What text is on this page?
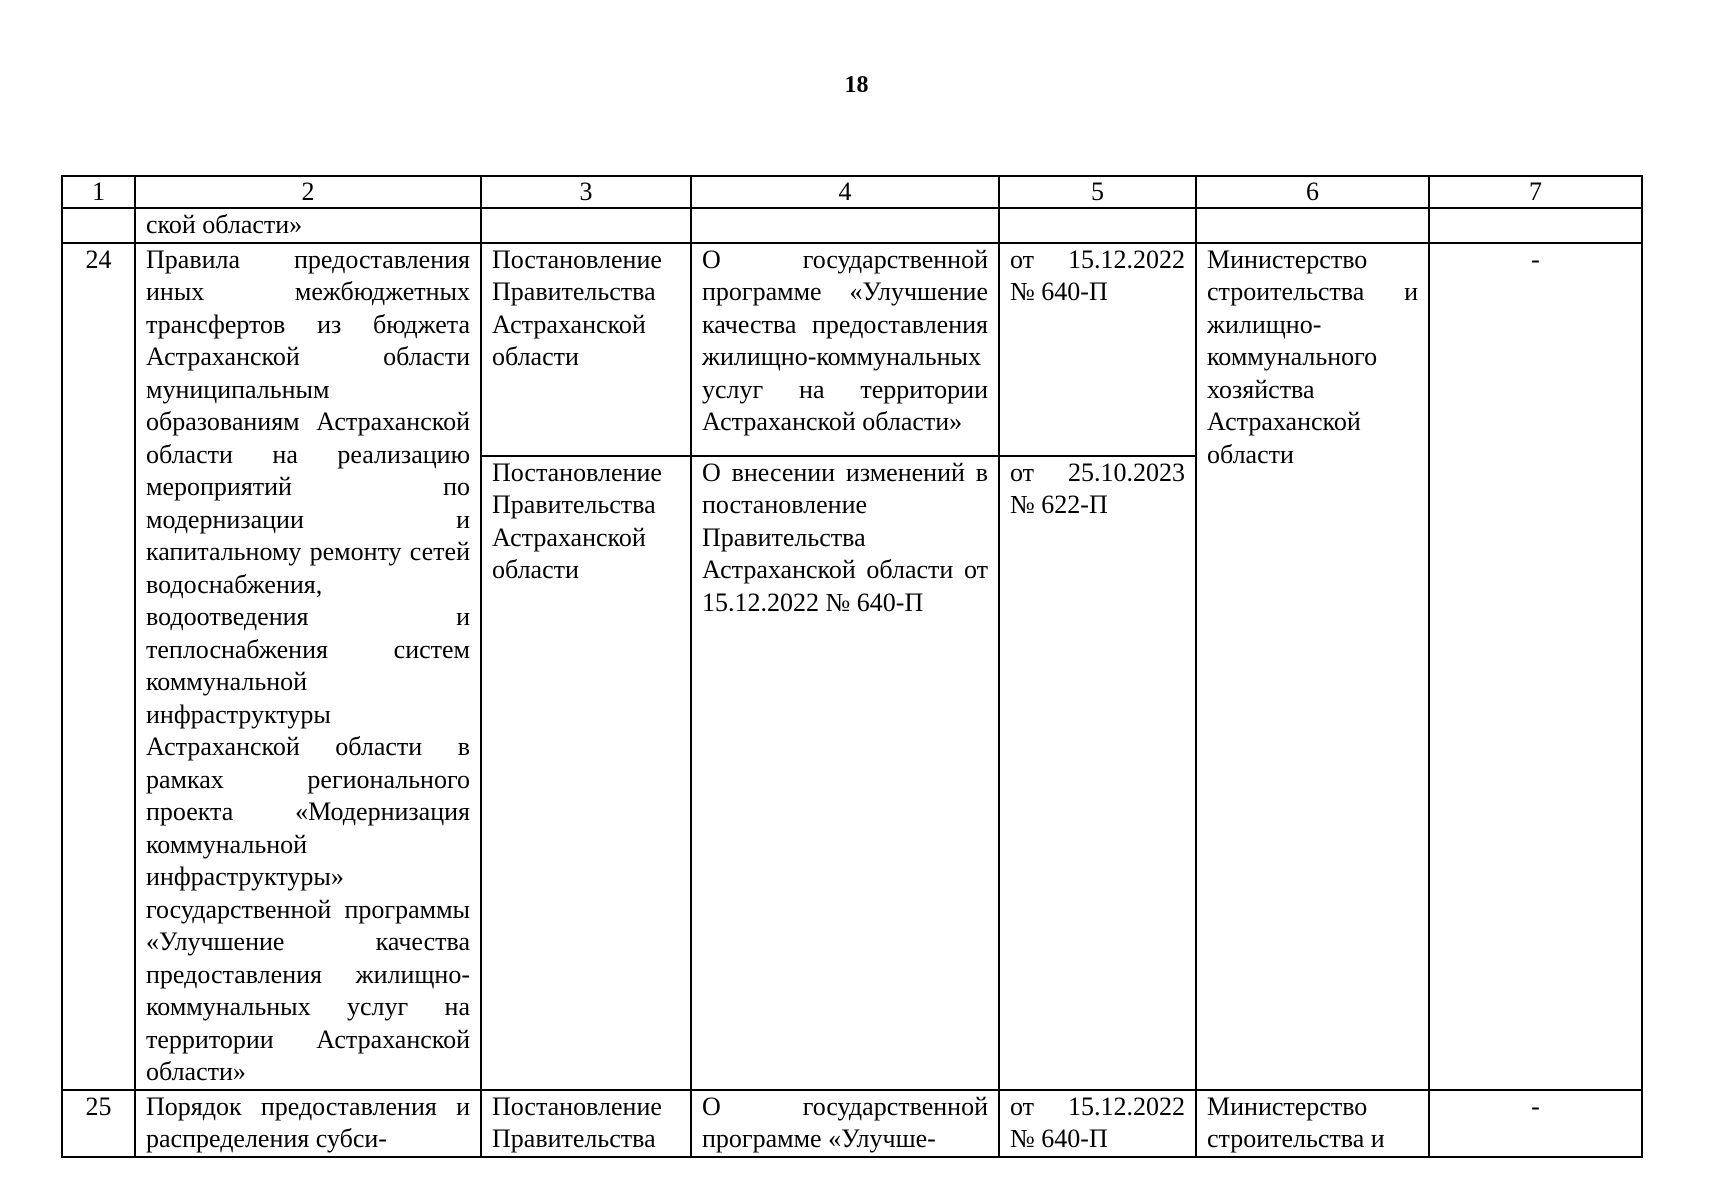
18
1	2	3	4	5	6	7
	ской области»					
24	Правила предоставления иных межбюджетных трансфертов из бюджета Астраханской области муниципальным образованиям Астраханской области на реализацию мероприятий по модернизации и капитальному ремонту сетей водоснабжения, водоотведения и теплоснабжения систем коммунальной инфраструктуры Астраханской области в рамках регионального проекта «Модернизация коммунальной инфраструктуры» государственной программы «Улучшение качества предоставления жилищно-коммунальных услуг на территории Астраханской области»	Постановление Правительства Астраханской области	О государственной программе «Улучшение качества предоставления жилищно-коммунальных услуг на территории Астраханской области»	от 15.12.2022 № 640-П	Министерство строительства и жилищно-коммунального хозяйства Астраханской области	-
		Постановление Правительства Астраханской области	О внесении изменений в постановление Правительства Астраханской области от 15.12.2022 № 640-П	от 25.10.2023 № 622-П		
25	Порядок предоставления и распределения субси-	Постановление Правительства	О государственной программе «Улучше-	от 15.12.2022 № 640-П	Министерство строительства и	-
